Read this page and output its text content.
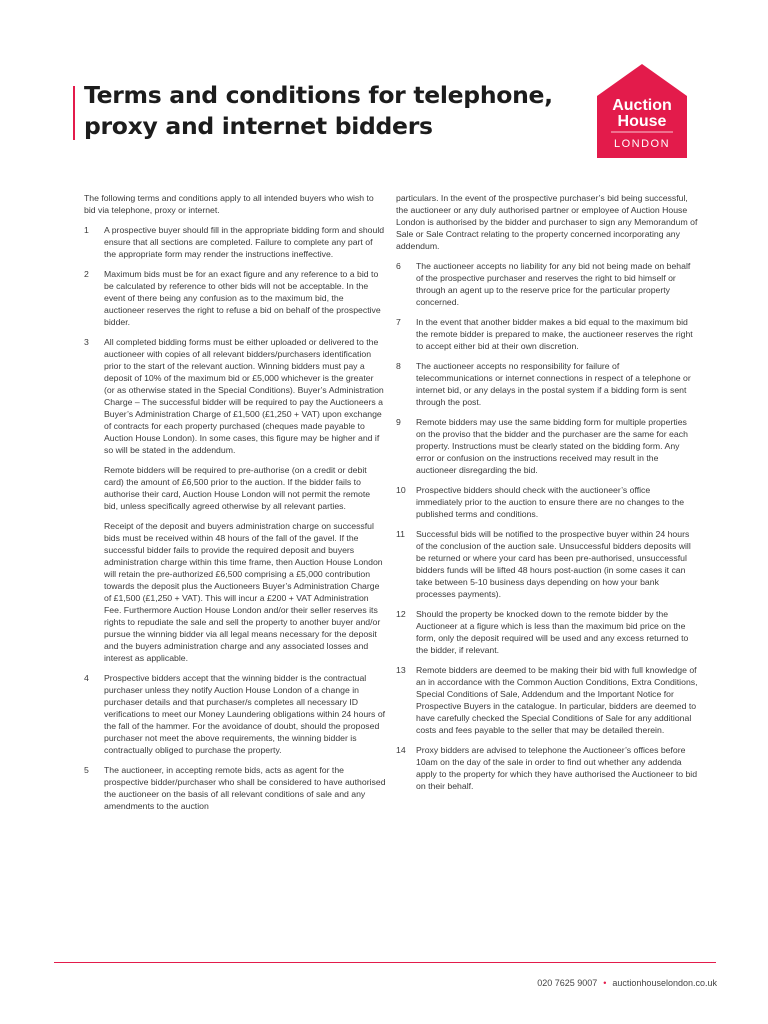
Terms and conditions for telephone,
proxy and internet bidders
Auction
House
LONDON

The following terms and conditions apply to all intended buyers who wish to bid via telephone, proxy or internet.

1 A prospective buyer should fill in the appropriate bidding form and should ensure that all sections are completed. Failure to complete any part of the appropriate form may render the instructions ineffective.

2 Maximum bids must be for an exact figure and any reference to a bid to be calculated by reference to other bids will not be acceptable. In the event of there being any confusion as to the maximum bid, the auctioneer reserves the right to refuse a bid on behalf of the prospective bidder.

3 All completed bidding forms must be either uploaded or delivered to the auctioneer with copies of all relevant bidders/purchasers identification prior to the start of the relevant auction. Winning bidders must pay a deposit of 10% of the maximum bid or £5,000 whichever is the greater (or as otherwise stated in the Special Conditions). Buyer’s Administration Charge – The successful bidder will be required to pay the Auctioneers a Buyer’s Administration Charge of £1,500 (£1,250 + VAT) upon exchange of contracts for each property purchased (cheques made payable to Auction House London). In some cases, this figure may be higher and if so will be stated in the addendum.

Remote bidders will be required to pre-authorise (on a credit or debit card) the amount of £6,500 prior to the auction. If the bidder fails to authorise their card, Auction House London will not permit the remote bid, unless specifically agreed otherwise by all relevant parties.

Receipt of the deposit and buyers administration charge on successful bids must be received within 48 hours of the fall of the gavel. If the successful bidder fails to provide the required deposit and buyers administration charge within this time frame, then Auction House London will retain the pre-authorized £6,500 comprising a £5,000 contribution towards the deposit plus the Auctioneers Buyer’s Administration Charge of £1,500 (£1,250 + VAT). This will incur a £200 + VAT Administration Fee. Furthermore Auction House London and/or their seller reserves its rights to repudiate the sale and sell the property to another buyer and/or pursue the winning bidder via all legal means necessary for the deposit and the buyers administration charge and any associated losses and interest as applicable.

4 Prospective bidders accept that the winning bidder is the contractual purchaser unless they notify Auction House London of a change in purchaser details and that purchaser/s completes all necessary ID verifications to meet our Money Laundering obligations within 24 hours of the fall of the hammer. For the avoidance of doubt, should the proposed purchaser not meet the above requirements, the winning bidder is contractually obliged to purchase the property.

5 The auctioneer, in accepting remote bids, acts as agent for the prospective bidder/purchaser who shall be considered to have authorised the auctioneer on the basis of all relevant conditions of sale and any amendments to the auction

particulars. In the event of the prospective purchaser’s bid being successful, the auctioneer or any duly authorised partner or employee of Auction House London is authorised by the bidder and purchaser to sign any Memorandum of Sale or Sale Contract relating to the property concerned incorporating any addendum.

6 The auctioneer accepts no liability for any bid not being made on behalf of the prospective purchaser and reserves the right to bid himself or through an agent up to the reserve price for the particular property concerned.

7 In the event that another bidder makes a bid equal to the maximum bid the remote bidder is prepared to make, the auctioneer reserves the right to accept either bid at their own discretion.

8 The auctioneer accepts no responsibility for failure of telecommunications or internet connections in respect of a telephone or internet bid, or any delays in the postal system if a bidding form is sent through the post.

9 Remote bidders may use the same bidding form for multiple properties on the proviso that the bidder and the purchaser are the same for each property. Instructions must be clearly stated on the bidding form. Any error or confusion on the instructions received may result in the auctioneer disregarding the bid.

10 Prospective bidders should check with the auctioneer’s office immediately prior to the auction to ensure there are no changes to the published terms and conditions.

11 Successful bids will be notified to the prospective buyer within 24 hours of the conclusion of the auction sale. Unsuccessful bidders deposits will be returned or where your card has been pre-authorised, unsuccessful bidders funds will be lifted 48 hours post-auction (in some cases it can take between 5-10 business days depending on how your bank processes payments).

12 Should the property be knocked down to the remote bidder by the Auctioneer at a figure which is less than the maximum bid price on the form, only the deposit required will be used and any excess returned to the bidder, if relevant.

13 Remote bidders are deemed to be making their bid with full knowledge of an in accordance with the Common Auction Conditions, Extra Conditions, Special Conditions of Sale, Addendum and the Important Notice for Prospective Buyers in the catalogue. In particular, bidders are deemed to have carefully checked the Special Conditions of Sale for any additional costs and fees payable to the seller that may be detailed therein.

14 Proxy bidders are advised to telephone the Auctioneer’s offices before 10am on the day of the sale in order to find out whether any addenda apply to the property for which they have authorised the Auctioneer to bid on their behalf.

020 7625 9007 • auctionhouselondon.co.uk
